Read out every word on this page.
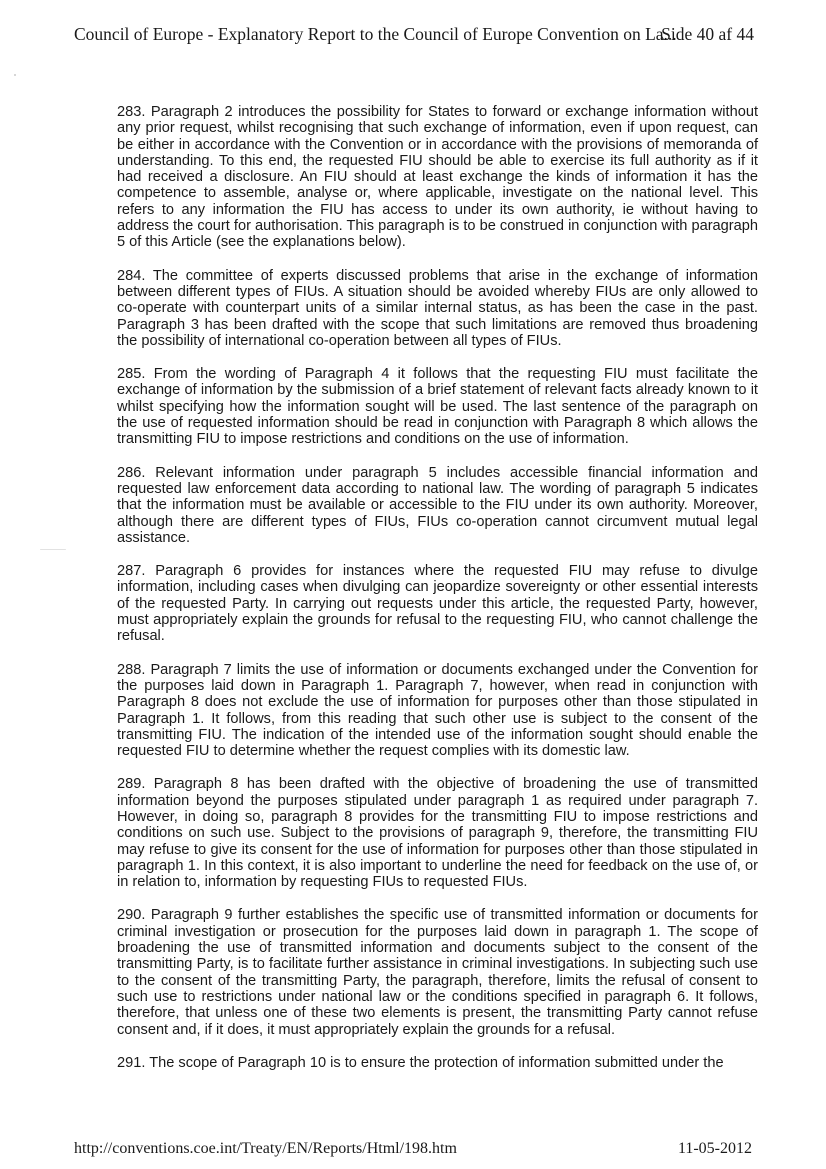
Council of Europe - Explanatory Report to the Council of Europe Convention on La...
Side 40 af 44

283. Paragraph 2 introduces the possibility for States to forward or exchange information without any prior request, whilst recognising that such exchange of information, even if upon request, can be either in accordance with the Convention or in accordance with the provisions of memoranda of understanding. To this end, the requested FIU should be able to exercise its full authority as if it had received a disclosure. An FIU should at least exchange the kinds of information it has the competence to assemble, analyse or, where applicable, investigate on the national level. This refers to any information the FIU has access to under its own authority, ie without having to address the court for authorisation. This paragraph is to be construed in conjunction with paragraph 5 of this Article (see the explanations below).

284. The committee of experts discussed problems that arise in the exchange of information between different types of FIUs. A situation should be avoided whereby FIUs are only allowed to co-operate with counterpart units of a similar internal status, as has been the case in the past. Paragraph 3 has been drafted with the scope that such limitations are removed thus broadening the possibility of international co-operation between all types of FIUs.

285. From the wording of Paragraph 4 it follows that the requesting FIU must facilitate the exchange of information by the submission of a brief statement of relevant facts already known to it whilst specifying how the information sought will be used. The last sentence of the paragraph on the use of requested information should be read in conjunction with Paragraph 8 which allows the transmitting FIU to impose restrictions and conditions on the use of information.

286. Relevant information under paragraph 5 includes accessible financial information and requested law enforcement data according to national law. The wording of paragraph 5 indicates that the information must be available or accessible to the FIU under its own authority. Moreover, although there are different types of FIUs, FIUs co-operation cannot circumvent mutual legal assistance.

287. Paragraph 6 provides for instances where the requested FIU may refuse to divulge information, including cases when divulging can jeopardize sovereignty or other essential interests of the requested Party. In carrying out requests under this article, the requested Party, however, must appropriately explain the grounds for refusal to the requesting FIU, who cannot challenge the refusal.

288. Paragraph 7 limits the use of information or documents exchanged under the Convention for the purposes laid down in Paragraph 1. Paragraph 7, however, when read in conjunction with Paragraph 8 does not exclude the use of information for purposes other than those stipulated in Paragraph 1. It follows, from this reading that such other use is subject to the consent of the transmitting FIU. The indication of the intended use of the information sought should enable the requested FIU to determine whether the request complies with its domestic law.

289. Paragraph 8 has been drafted with the objective of broadening the use of transmitted information beyond the purposes stipulated under paragraph 1 as required under paragraph 7. However, in doing so, paragraph 8 provides for the transmitting FIU to impose restrictions and conditions on such use. Subject to the provisions of paragraph 9, therefore, the transmitting FIU may refuse to give its consent for the use of information for purposes other than those stipulated in paragraph 1. In this context, it is also important to underline the need for feedback on the use of, or in relation to, information by requesting FIUs to requested FIUs.

290. Paragraph 9 further establishes the specific use of transmitted information or documents for criminal investigation or prosecution for the purposes laid down in paragraph 1. The scope of broadening the use of transmitted information and documents subject to the consent of the transmitting Party, is to facilitate further assistance in criminal investigations. In subjecting such use to the consent of the transmitting Party, the paragraph, therefore, limits the refusal of consent to such use to restrictions under national law or the conditions specified in paragraph 6. It follows, therefore, that unless one of these two elements is present, the transmitting Party cannot refuse consent and, if it does, it must appropriately explain the grounds for a refusal.

291. The scope of Paragraph 10 is to ensure the protection of information submitted under the

http://conventions.coe.int/Treaty/EN/Reports/Html/198.htm	11-05-2012
